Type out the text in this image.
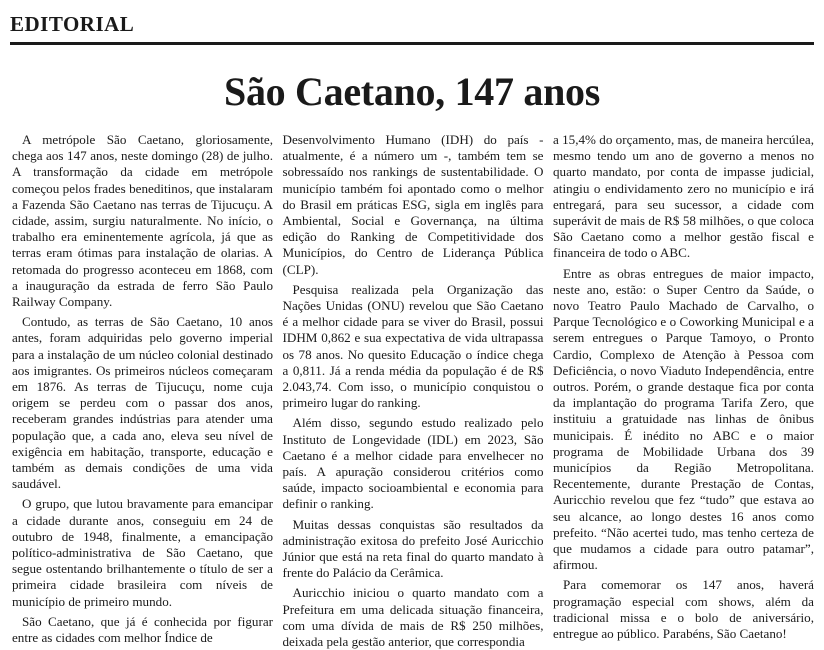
EDITORIAL
São Caetano, 147 anos

A metrópole São Caetano, gloriosamente, chega aos 147 anos, neste domingo (28) de julho. A transformação da cidade em metrópole começou pelos frades beneditinos, que instalaram a Fazenda São Caetano nas terras de Tijucuçu. A cidade, assim, surgiu naturalmente. No início, o trabalho era eminentemente agrícola, já que as terras eram ótimas para instalação de olarias. A retomada do progresso aconteceu em 1868, com a inauguração da estrada de ferro São Paulo Railway Company.

Contudo, as terras de São Caetano, 10 anos antes, foram adquiridas pelo governo imperial para a instalação de um núcleo colonial destinado aos imigrantes. Os primeiros núcleos começaram em 1876. As terras de Tijucuçu, nome cuja origem se perdeu com o passar dos anos, receberam grandes indústrias para atender uma população que, a cada ano, eleva seu nível de exigência em habitação, transporte, educação e também as demais condições de uma vida saudável.

O grupo, que lutou bravamente para emancipar a cidade durante anos, conseguiu em 24 de outubro de 1948, finalmente, a emancipação político-administrativa de São Caetano, que segue ostentando brilhantemente o título de ser a primeira cidade brasileira com níveis de município de primeiro mundo.

São Caetano, que já é conhecida por figurar entre as cidades com melhor Índice de

Desenvolvimento Humano (IDH) do país - atualmente, é a número um -, também tem se sobressaído nos rankings de sustentabilidade. O município também foi apontado como o melhor do Brasil em práticas ESG, sigla em inglês para Ambiental, Social e Governança, na última edição do Ranking de Competitividade dos Municípios, do Centro de Liderança Pública (CLP).

Pesquisa realizada pela Organização das Nações Unidas (ONU) revelou que São Caetano é a melhor cidade para se viver do Brasil, possui IDHM 0,862 e sua expectativa de vida ultrapassa os 78 anos. No quesito Educação o índice chega a 0,811. Já a renda média da população é de R$ 2.043,74. Com isso, o município conquistou o primeiro lugar do ranking.

Além disso, segundo estudo realizado pelo Instituto de Longevidade (IDL) em 2023, São Caetano é a melhor cidade para envelhecer no país. A apuração considerou critérios como saúde, impacto socioambiental e economia para definir o ranking.

Muitas dessas conquistas são resultados da administração exitosa do prefeito José Auricchio Júnior que está na reta final do quarto mandato à frente do Palácio da Cerâmica.

Auricchio iniciou o quarto mandato com a Prefeitura em uma delicada situação financeira, com uma dívida de mais de R$ 250 milhões, deixada pela gestão anterior, que correspondia

a 15,4% do orçamento, mas, de maneira hercúlea, mesmo tendo um ano de governo a menos no quarto mandato, por conta de impasse judicial, atingiu o endividamento zero no município e irá entregará, para seu sucessor, a cidade com superávit de mais de R$ 58 milhões, o que coloca São Caetano como a melhor gestão fiscal e financeira de todo o ABC.

Entre as obras entregues de maior impacto, neste ano, estão: o Super Centro da Saúde, o novo Teatro Paulo Machado de Carvalho, o Parque Tecnológico e o Coworking Municipal e a serem entregues o Parque Tamoyo, o Pronto Cardio, Complexo de Atenção à Pessoa com Deficiência, o novo Viaduto Independência, entre outros. Porém, o grande destaque fica por conta da implantação do programa Tarifa Zero, que instituiu a gratuidade nas linhas de ônibus municipais. É inédito no ABC e o maior programa de Mobilidade Urbana dos 39 municípios da Região Metropolitana. Recentemente, durante Prestação de Contas, Auricchio revelou que fez “tudo” que estava ao seu alcance, ao longo destes 16 anos como prefeito. “Não acertei tudo, mas tenho certeza de que mudamos a cidade para outro patamar”, afirmou.

Para comemorar os 147 anos, haverá programação especial com shows, além da tradicional missa e o bolo de aniversário, entregue ao público. Parabéns, São Caetano!
